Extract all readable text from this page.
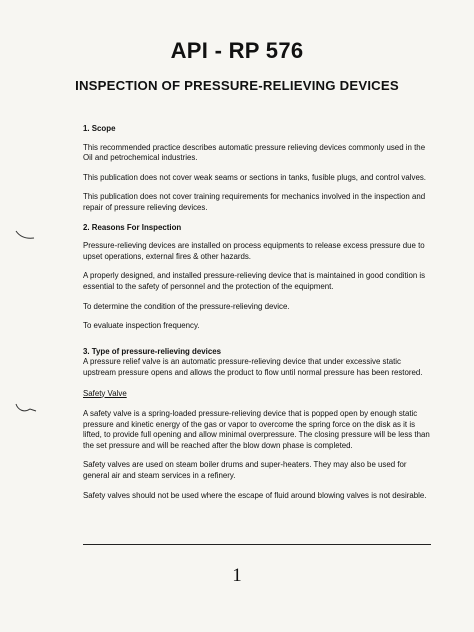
API - RP 576
INSPECTION OF PRESSURE-RELIEVING DEVICES
1. Scope
This recommended practice describes automatic pressure relieving devices commonly used in the Oil and petrochemical industries.
This publication does not cover weak seams or sections in tanks, fusible plugs, and control valves.
This publication does not cover training requirements for mechanics involved in the inspection and repair of pressure relieving devices.
2. Reasons For Inspection
Pressure-relieving devices are installed on process equipments to release excess pressure due to upset operations, external fires & other hazards.
A properly designed, and installed pressure-relieving device that is maintained in good condition is essential to the safety of personnel and the protection of the equipment.
To determine the condition of the pressure-relieving device.
To evaluate inspection frequency.
3. Type of pressure-relieving devices
A pressure relief valve is an automatic pressure-relieving device that under excessive static upstream pressure opens and allows the product to flow until normal pressure has been restored.
Safety Valve
A safety valve is a spring-loaded pressure-relieving device that is popped open by enough static pressure and kinetic energy of the gas or vapor to overcome the spring force on the disk as it is lifted, to provide full opening and allow minimal overpressure. The closing pressure will be less than the set pressure and will be reached after the blow down phase is completed.
Safety valves are used on steam boiler drums and super-heaters. They may also be used for general air and steam services in a refinery.
Safety valves should not be used where the escape of fluid around blowing valves is not desirable.
1
